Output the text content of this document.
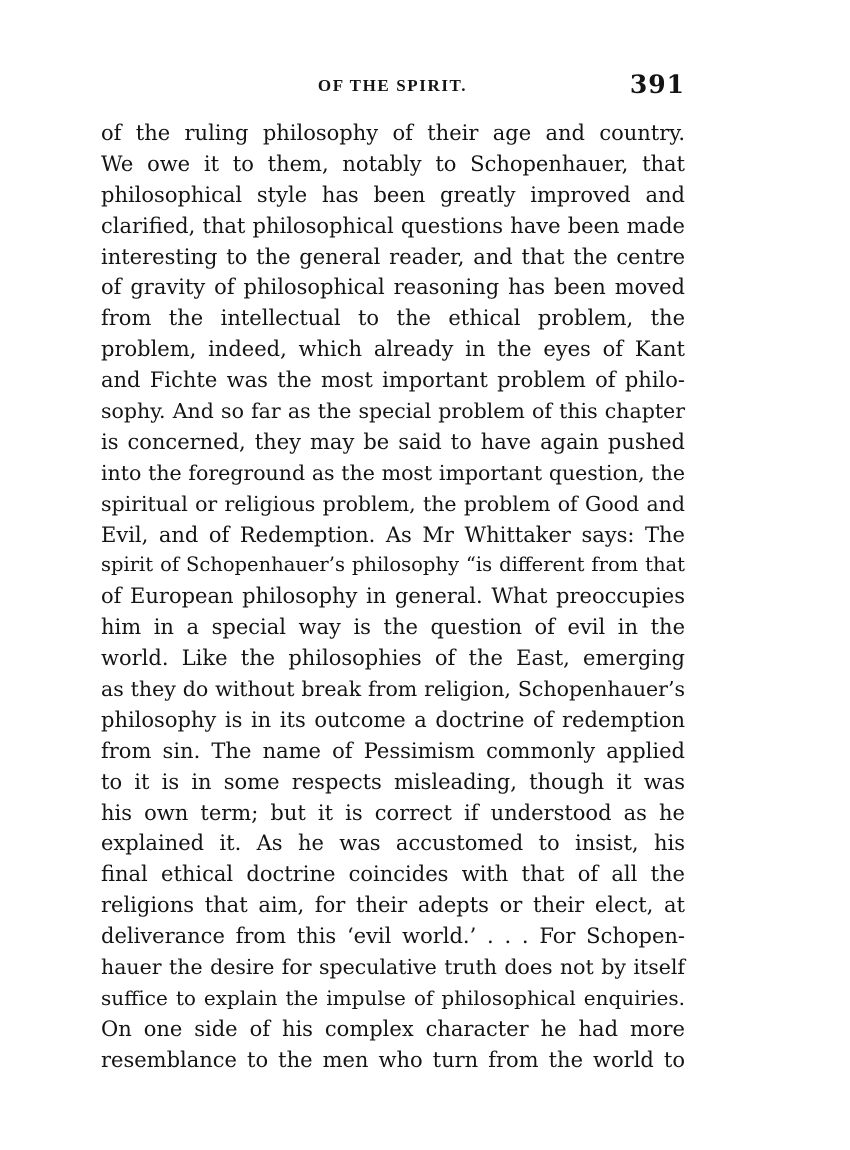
OF THE SPIRIT.	391
of the ruling philosophy of their age and country.
We owe it to them, notably to Schopenhauer, that
philosophical style has been greatly improved and
clarified, that philosophical questions have been made
interesting to the general reader, and that the centre
of gravity of philosophical reasoning has been moved
from the intellectual to the ethical problem, the
problem, indeed, which already in the eyes of Kant
and Fichte was the most important problem of philo-
sophy. And so far as the special problem of this chapter
is concerned, they may be said to have again pushed
into the foreground as the most important question, the
spiritual or religious problem, the problem of Good and
Evil, and of Redemption. As Mr Whittaker says: The
spirit of Schopenhauer’s philosophy “is different from that
of European philosophy in general. What preoccupies
him in a special way is the question of evil in the
world. Like the philosophies of the East, emerging
as they do without break from religion, Schopenhauer’s
philosophy is in its outcome a doctrine of redemption
from sin. The name of Pessimism commonly applied
to it is in some respects misleading, though it was
his own term; but it is correct if understood as he
explained it. As he was accustomed to insist, his
final ethical doctrine coincides with that of all the
religions that aim, for their adepts or their elect, at
deliverance from this ‘evil world.’ . . . For Schopen-
hauer the desire for speculative truth does not by itself
suffice to explain the impulse of philosophical enquiries.
On one side of his complex character he had more
resemblance to the men who turn from the world to
